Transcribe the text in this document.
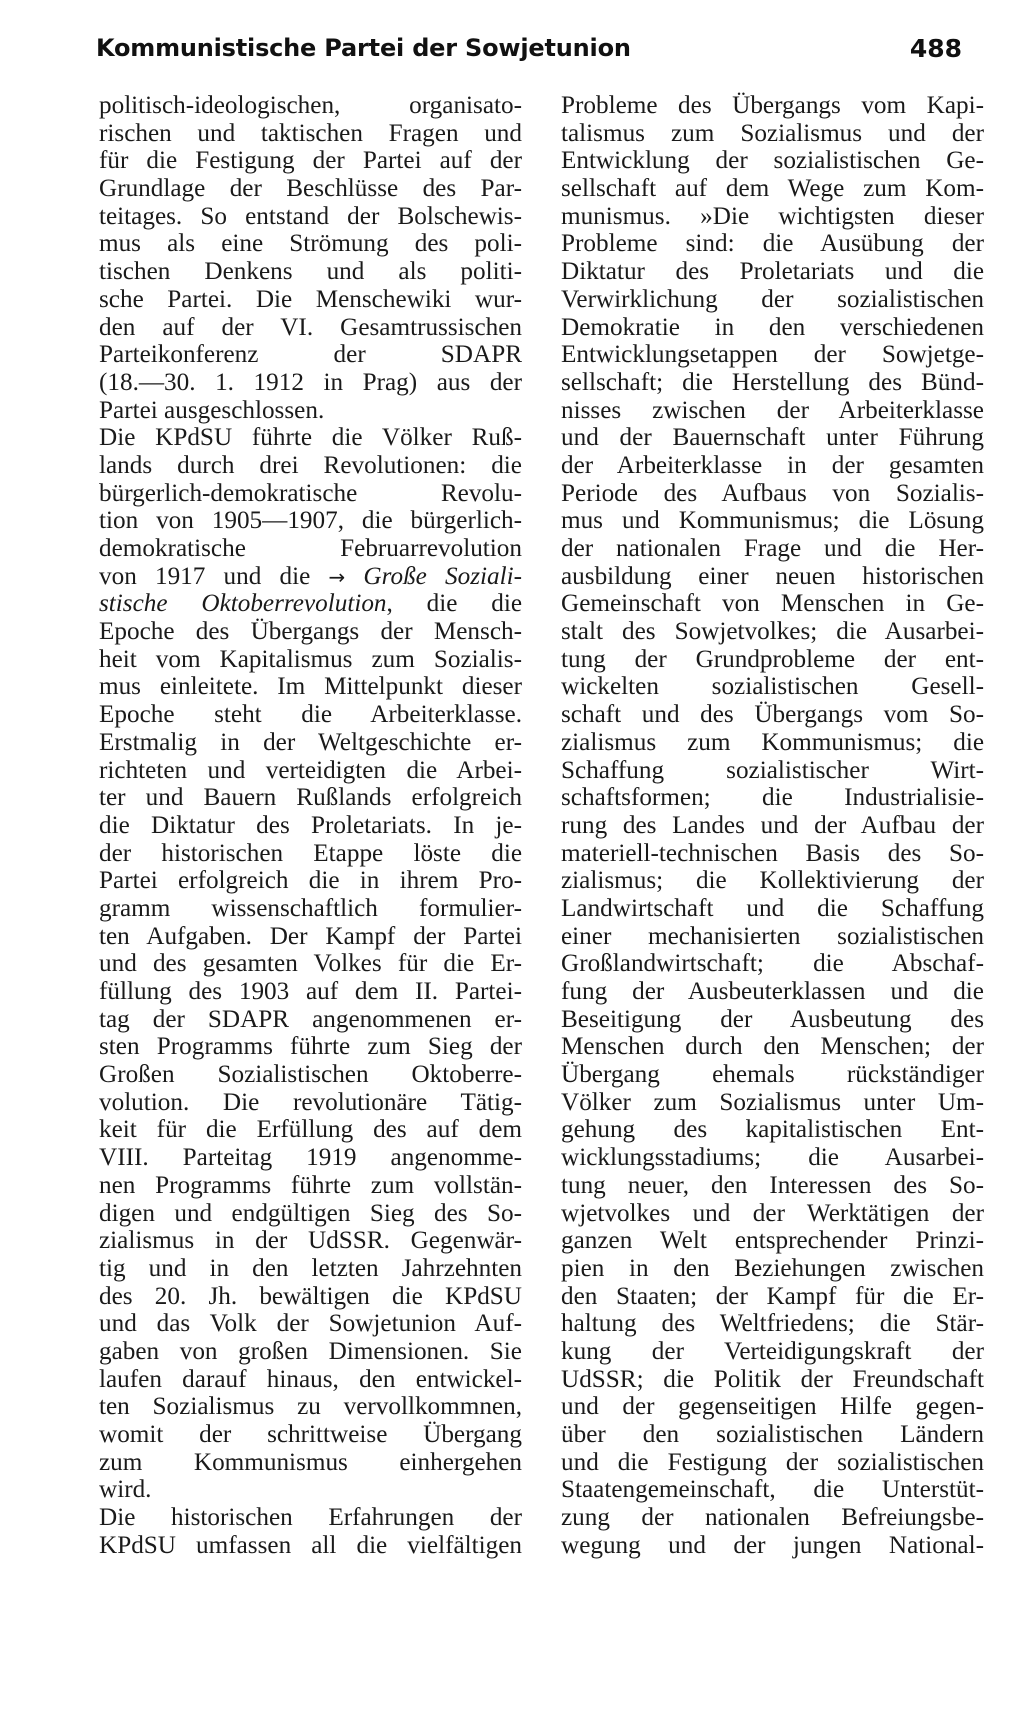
Kommunistische Partei der Sowjetunion	488
politisch-ideologischen, organisato-
rischen und taktischen Fragen und
für die Festigung der Partei auf der
Grundlage der Beschlüsse des Par-
teitages. So entstand der Bolschewis-
mus als eine Strömung des poli-
tischen Denkens und als politi-
sche Partei. Die Menschewiki wur-
den auf der VI. Gesamtrussischen
Parteikonferenz der SDAPR
(18.—30. 1. 1912 in Prag) aus der
Partei ausgeschlossen.
Die KPdSU führte die Völker Ruß-
lands durch drei Revolutionen: die
bürgerlich-demokratische Revolu-
tion von 1905—1907, die bürgerlich-
demokratische Februarrevolution
von 1917 und die → Große Soziali-
stische Oktoberrevolution, die die
Epoche des Übergangs der Mensch-
heit vom Kapitalismus zum Sozialis-
mus einleitete. Im Mittelpunkt dieser
Epoche steht die Arbeiterklasse.
Erstmalig in der Weltgeschichte er-
richteten und verteidigten die Arbei-
ter und Bauern Rußlands erfolgreich
die Diktatur des Proletariats. In je-
der historischen Etappe löste die
Partei erfolgreich die in ihrem Pro-
gramm wissenschaftlich formulier-
ten Aufgaben. Der Kampf der Partei
und des gesamten Volkes für die Er-
füllung des 1903 auf dem II. Partei-
tag der SDAPR angenommenen er-
sten Programms führte zum Sieg der
Großen Sozialistischen Oktoberre-
volution. Die revolutionäre Tätig-
keit für die Erfüllung des auf dem
VIII. Parteitag 1919 angenomme-
nen Programms führte zum vollstän-
digen und endgültigen Sieg des So-
zialismus in der UdSSR. Gegenwär-
tig und in den letzten Jahrzehnten
des 20. Jh. bewältigen die KPdSU
und das Volk der Sowjetunion Auf-
gaben von großen Dimensionen. Sie
laufen darauf hinaus, den entwickel-
ten Sozialismus zu vervollkommnen,
womit der schrittweise Übergang
zum Kommunismus einhergehen
wird.
Die historischen Erfahrungen der
KPdSU umfassen all die vielfältigen
Probleme des Übergangs vom Kapi-
talismus zum Sozialismus und der
Entwicklung der sozialistischen Ge-
sellschaft auf dem Wege zum Kom-
munismus. »Die wichtigsten dieser
Probleme sind: die Ausübung der
Diktatur des Proletariats und die
Verwirklichung der sozialistischen
Demokratie in den verschiedenen
Entwicklungsetappen der Sowjetge-
sellschaft; die Herstellung des Bünd-
nisses zwischen der Arbeiterklasse
und der Bauernschaft unter Führung
der Arbeiterklasse in der gesamten
Periode des Aufbaus von Sozialis-
mus und Kommunismus; die Lösung
der nationalen Frage und die Her-
ausbildung einer neuen historischen
Gemeinschaft von Menschen in Ge-
stalt des Sowjetvolkes; die Ausarbei-
tung der Grundprobleme der ent-
wickelten sozialistischen Gesell-
schaft und des Übergangs vom So-
zialismus zum Kommunismus; die
Schaffung sozialistischer Wirt-
schaftsformen; die Industrialisie-
rung des Landes und der Aufbau der
materiell-technischen Basis des So-
zialismus; die Kollektivierung der
Landwirtschaft und die Schaffung
einer mechanisierten sozialistischen
Großlandwirtschaft; die Abschaf-
fung der Ausbeuterklassen und die
Beseitigung der Ausbeutung des
Menschen durch den Menschen; der
Übergang ehemals rückständiger
Völker zum Sozialismus unter Um-
gehung des kapitalistischen Ent-
wicklungsstadiums; die Ausarbei-
tung neuer, den Interessen des So-
wjetvolkes und der Werktätigen der
ganzen Welt entsprechender Prinzi-
pien in den Beziehungen zwischen
den Staaten; der Kampf für die Er-
haltung des Weltfriedens; die Stär-
kung der Verteidigungskraft der
UdSSR; die Politik der Freundschaft
und der gegenseitigen Hilfe gegen-
über den sozialistischen Ländern
und die Festigung der sozialistischen
Staatengemeinschaft, die Unterstüt-
zung der nationalen Befreiungsbe-
wegung und der jungen National-
